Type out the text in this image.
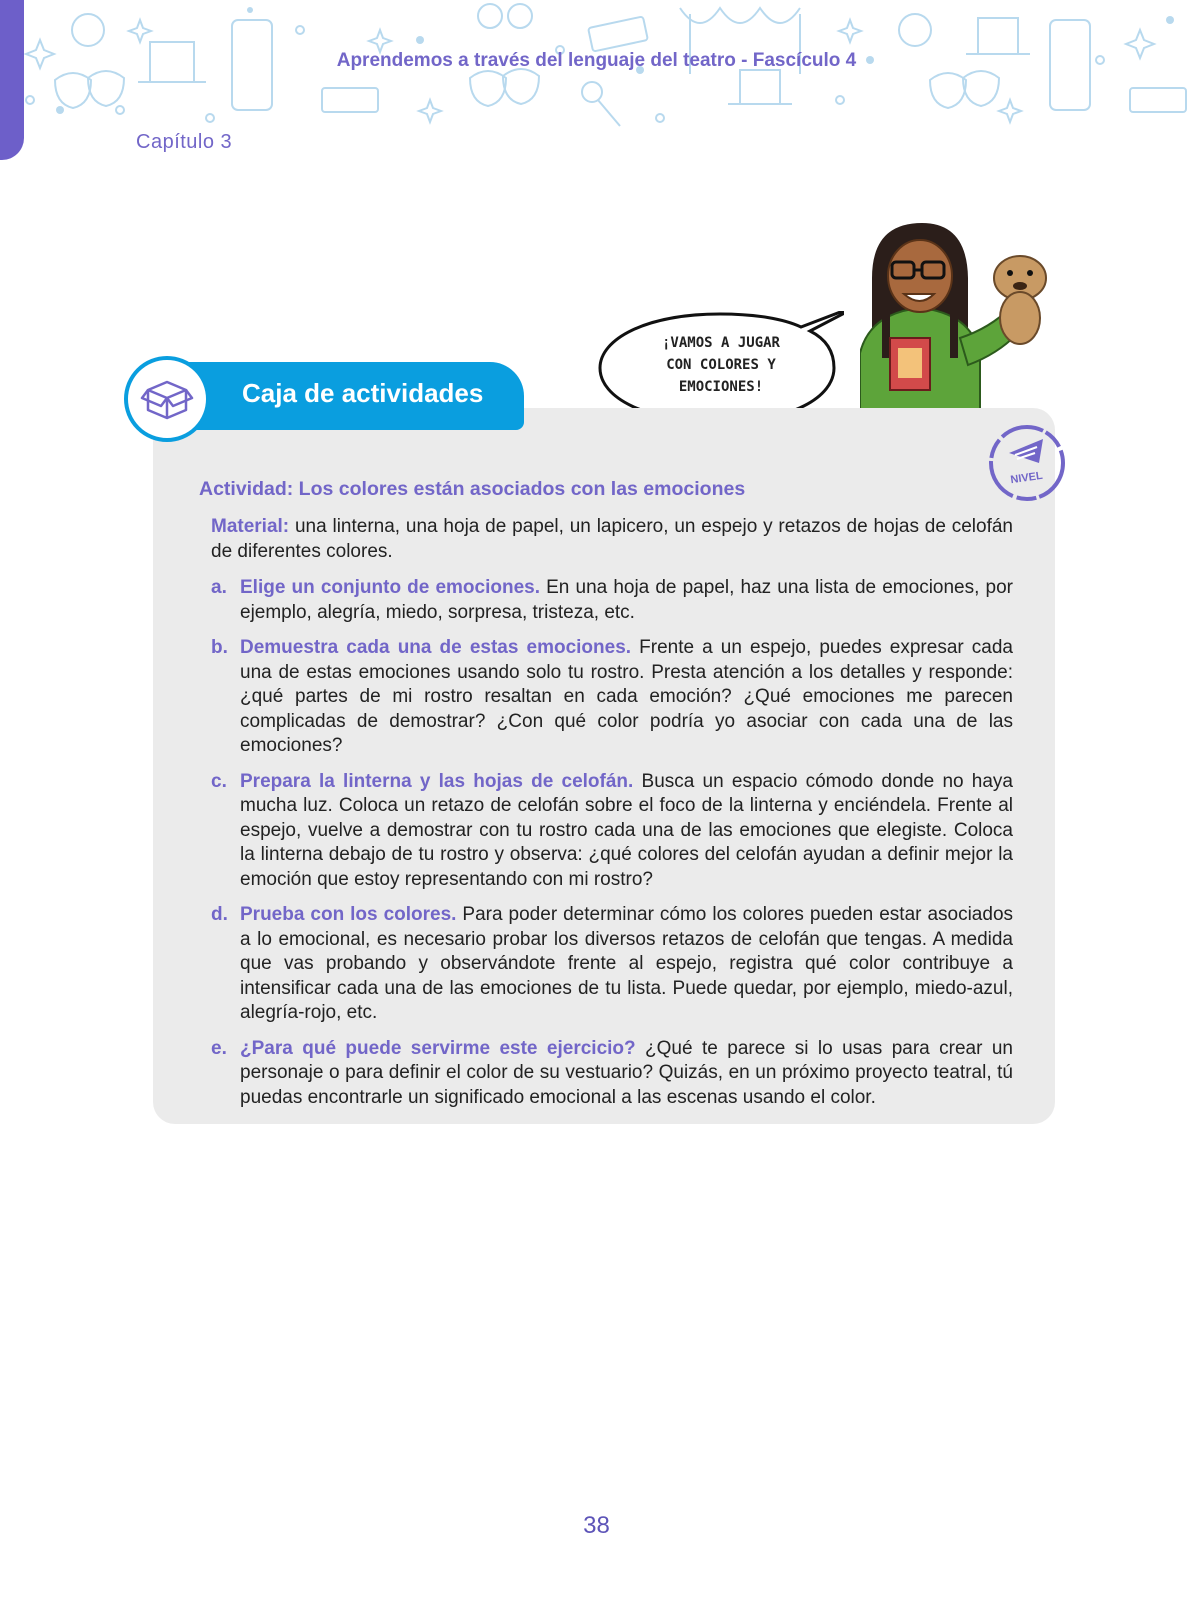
Aprendemos a través del lenguaje del teatro - Fascículo 4
Capítulo 3
¡VAMOS A JUGAR
CON COLORES Y
EMOCIONES!
Caja de actividades
NIVEL
Actividad: Los colores están asociados con las emociones

Material: una linterna, una hoja de papel, un lapicero, un espejo y retazos de hojas de celofán de diferentes colores.

a. Elige un conjunto de emociones. En una hoja de papel, haz una lista de emociones, por ejemplo, alegría, miedo, sorpresa, tristeza, etc.
b. Demuestra cada una de estas emociones. Frente a un espejo, puedes expresar cada una de estas emociones usando solo tu rostro. Presta atención a los detalles y responde: ¿qué partes de mi rostro resaltan en cada emoción? ¿Qué emociones me parecen complicadas de demostrar? ¿Con qué color podría yo asociar con cada una de las emociones?
c. Prepara la linterna y las hojas de celofán. Busca un espacio cómodo donde no haya mucha luz. Coloca un retazo de celofán sobre el foco de la linterna y enciéndela. Frente al espejo, vuelve a demostrar con tu rostro cada una de las emociones que elegiste. Coloca la linterna debajo de tu rostro y observa: ¿qué colores del celofán ayudan a definir mejor la emoción que estoy representando con mi rostro?
d. Prueba con los colores. Para poder determinar cómo los colores pueden estar asociados a lo emocional, es necesario probar los diversos retazos de celofán que tengas. A medida que vas probando y observándote frente al espejo, registra qué color contribuye a intensificar cada una de las emociones de tu lista. Puede quedar, por ejemplo, miedo-azul, alegría-rojo, etc.
e. ¿Para qué puede servirme este ejercicio? ¿Qué te parece si lo usas para crear un personaje o para definir el color de su vestuario? Quizás, en un próximo proyecto teatral, tú puedas encontrarle un significado emocional a las escenas usando el color.
38
